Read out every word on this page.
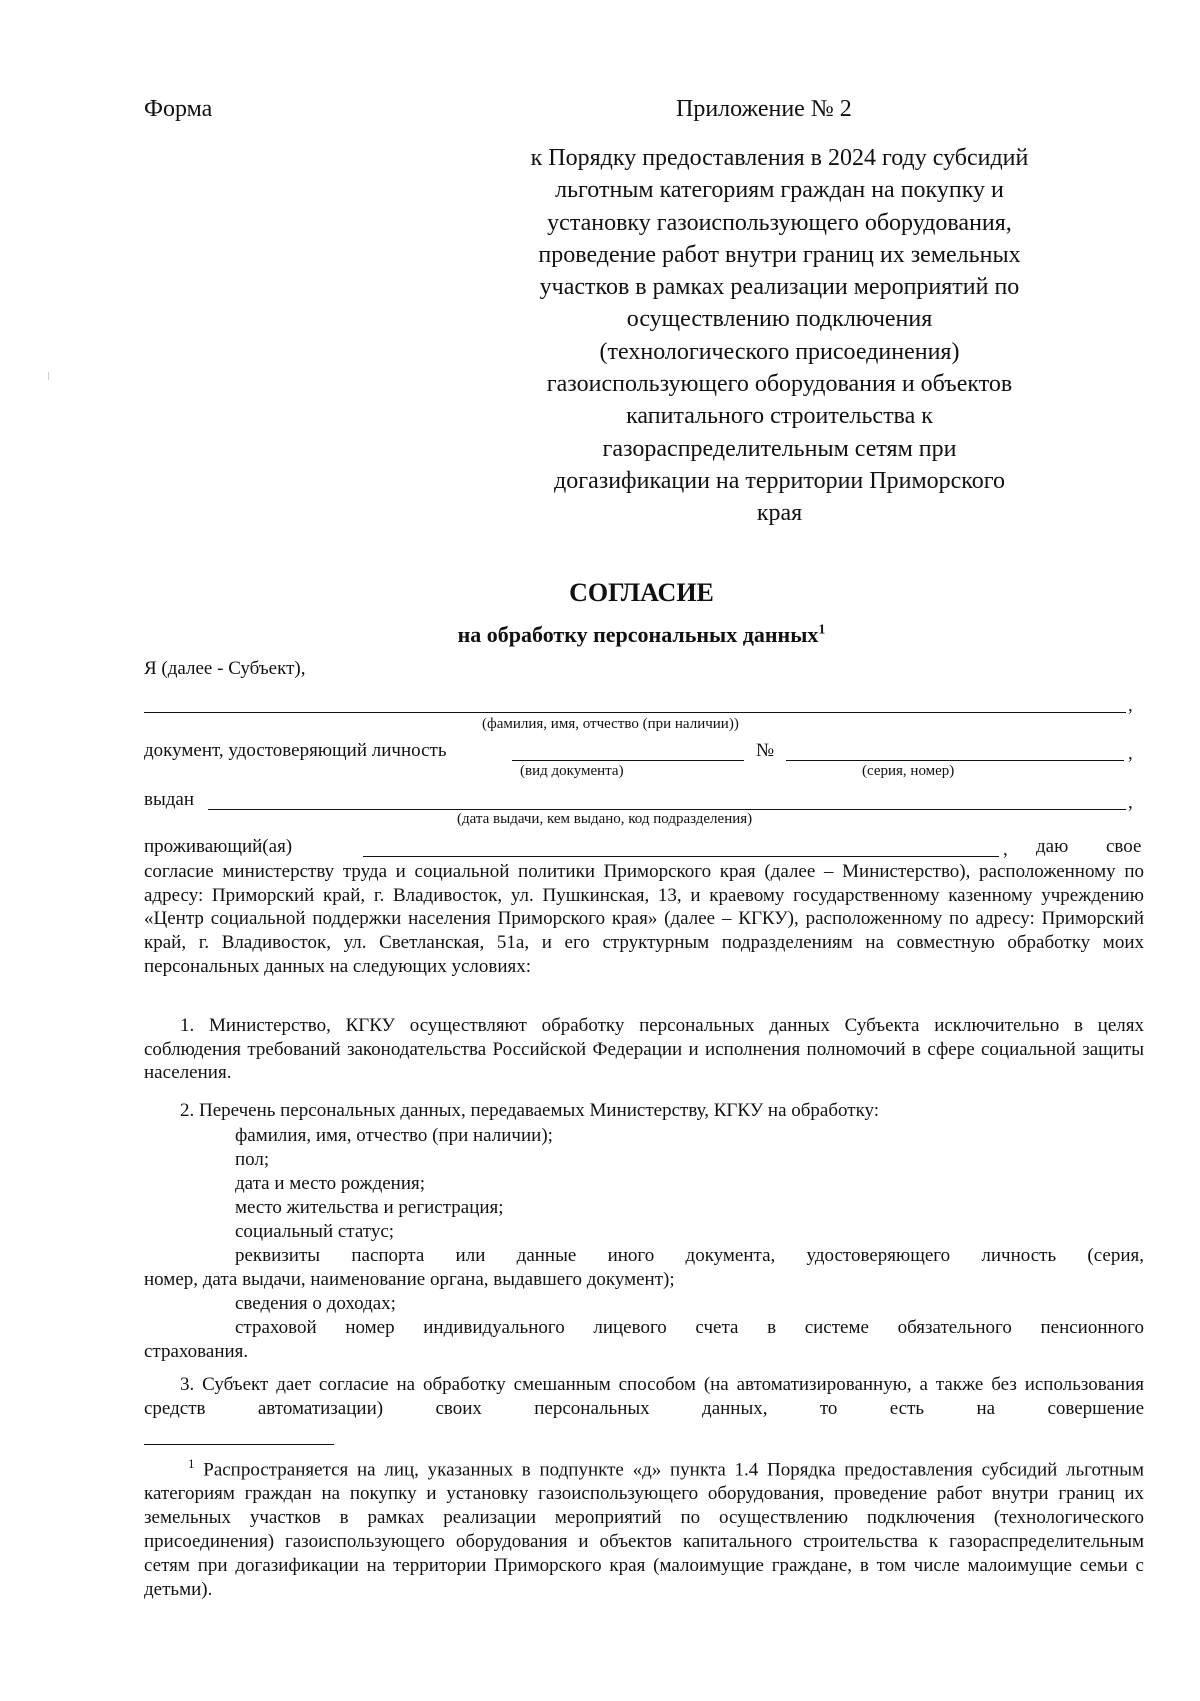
Форма	Приложение № 2
к Порядку предоставления в 2024 году субсидий
льготным категориям граждан на покупку и
установку газоиспользующего оборудования,
проведение работ внутри границ их земельных
участков в рамках реализации мероприятий по
осуществлению подключения
(технологического присоединения)
газоиспользующего оборудования и объектов
капитального строительства к
газораспределительным сетям при
догазификации на территории Приморского
края
СОГЛАСИЕ
на обработку персональных данных$^1$
Я (далее - Субъект),
,
(фамилия, имя, отчество (при наличии))
документ, удостоверяющий личность	№	,
(вид документа)	(серия, номер)
выдан	,
(дата выдачи, кем выдано, код подразделения)
проживающий(ая)	, даю свое
согласие министерству труда и социальной политики Приморского края (далее – Министерство), расположенному по адресу: Приморский край, г. Владивосток, ул. Пушкинская, 13, и краевому государственному казенному учреждению «Центр социальной поддержки населения Приморского края» (далее – КГКУ), расположенному по адресу: Приморский край, г. Владивосток, ул. Светланская, 51а, и его структурным подразделениям на совместную обработку моих персональных данных на следующих условиях:
1. Министерство, КГКУ осуществляют обработку персональных данных Субъекта исключительно в целях соблюдения требований законодательства Российской Федерации и исполнения полномочий в сфере социальной защиты населения.
2. Перечень персональных данных, передаваемых Министерству, КГКУ на обработку:
фамилия, имя, отчество (при наличии);
пол;
дата и место рождения;
место жительства и регистрация;
социальный статус;
реквизиты паспорта или данные иного документа, удостоверяющего личность (серия,
номер, дата выдачи, наименование органа, выдавшего документ);
сведения о доходах;
страховой номер индивидуального лицевого счета в системе обязательного пенсионного
страхования.
3. Субъект дает согласие на обработку смешанным способом (на автоматизированную, а также без использования средств автоматизации) своих персональных данных, то есть на совершение
$^1$ Распространяется на лиц, указанных в подпункте «д» пункта 1.4 Порядка предоставления субсидий льготным категориям граждан на покупку и установку газоиспользующего оборудования, проведение работ внутри границ их земельных участков в рамках реализации мероприятий по осуществлению подключения (технологического присоединения) газоиспользующего оборудования и объектов капитального строительства к газораспределительным сетям при догазификации на территории Приморского края (малоимущие граждане, в том числе малоимущие семьи с детьми).
